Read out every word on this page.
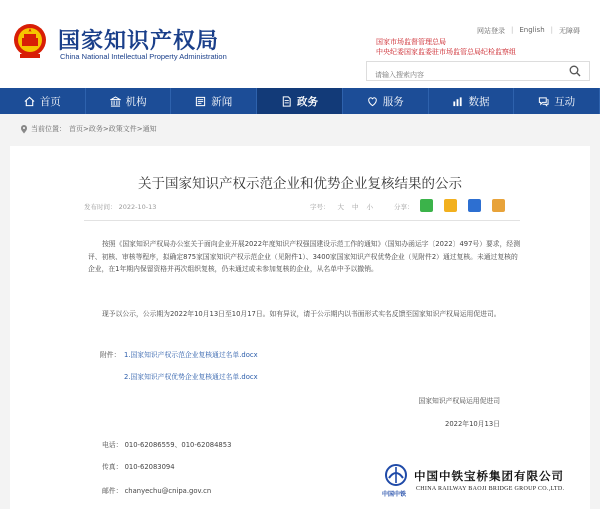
国家知识产权局
China National Intellectual Property Administration
网站登录 | English | 无障碍
国家市场监督管理总局
中央纪委国家监委驻市场监管总局纪检监察组
请输入搜索内容
首页	机构	新闻	政务	服务	数据	互动
当前位置： 首页>政务>政策文件>通知
关于国家知识产权示范企业和优势企业复核结果的公示
发布时间： 2022-10-13	字号： 大 中 小	分享：
按照《国家知识产权局办公室关于面向企业开展2022年度知识产权强国建设示范工作的通知》（国知办函运字〔2022〕497号）要求，经测评、初核、审核等程序，拟确定875家国家知识产权示范企业（见附件1）、3400家国家知识产权优势企业（见附件2）通过复核。未通过复核的企业，在1年期内保留资格并再次组织复核，仍未通过或未参加复核的企业，从名单中予以撤销。
现予以公示，公示期为2022年10月13日至10月17日。如有异议，请于公示期内以书面形式实名反馈至国家知识产权局运用促进司。
附件： 1.国家知识产权示范企业复核通过名单.docx
2.国家知识产权优势企业复核通过名单.docx
国家知识产权局运用促进司
2022年10月13日
电话： 010-62086559、010-62084853
传真： 010-62083094
邮件： chanyechu@cnipa.gov.cn	中国中铁
中国中铁宝桥集团有限公司
CHINA RAILWAY BAOJI BRIDGE GROUP CO.,LTD.
